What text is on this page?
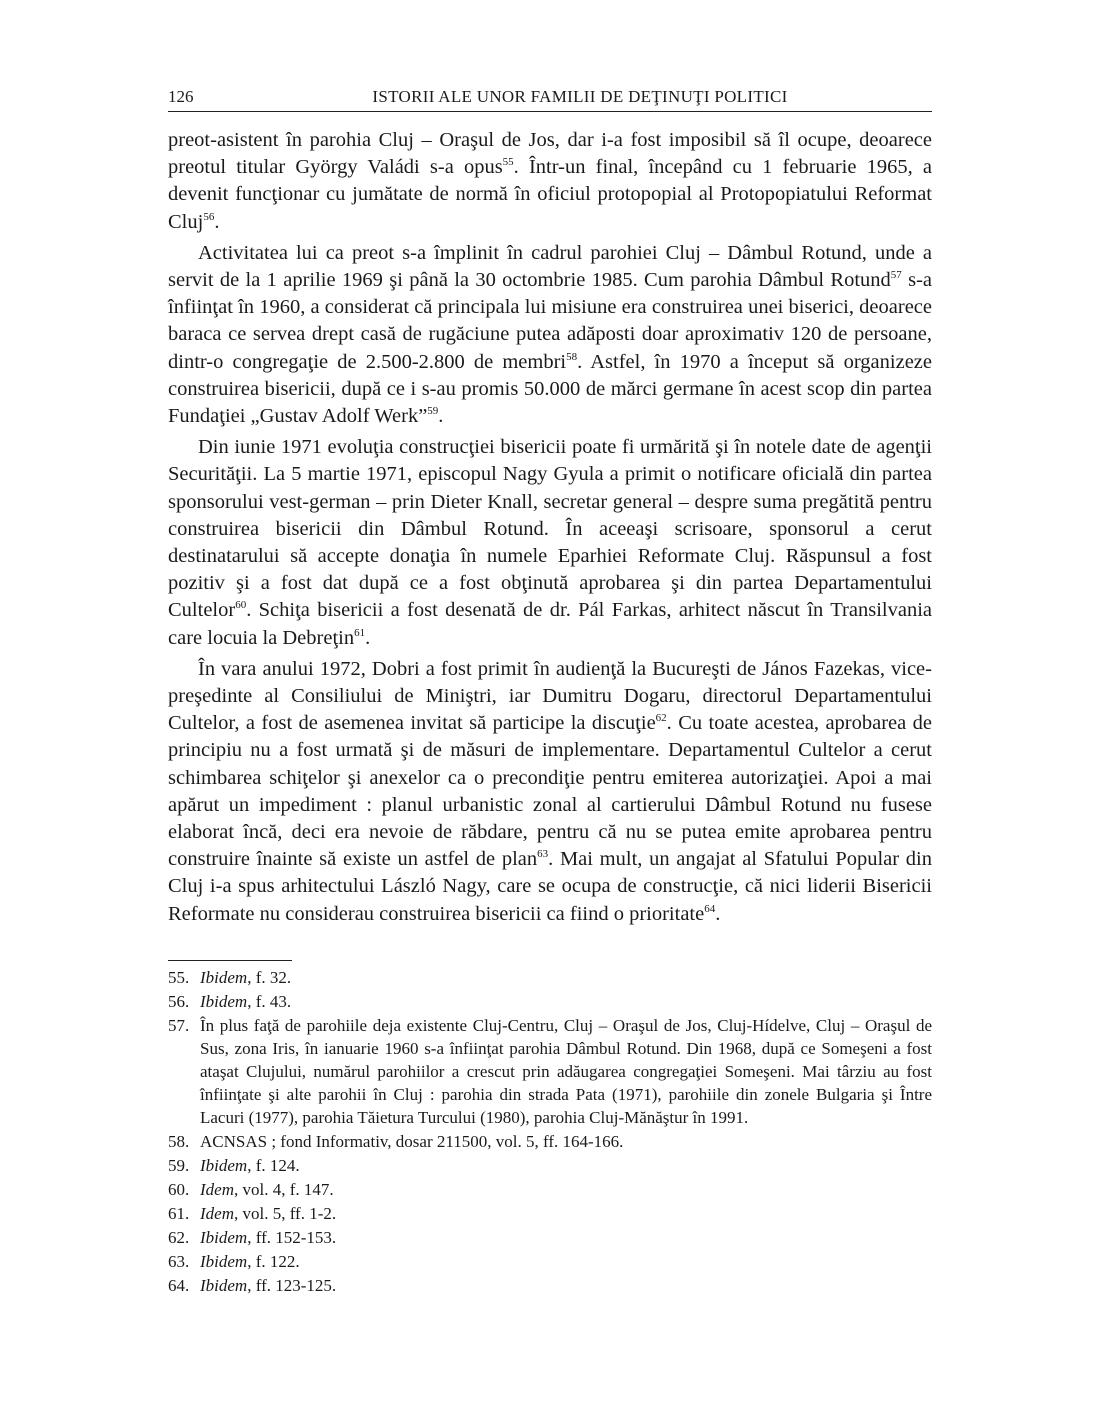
126	ISTORII ALE UNOR FAMILII DE DEŢINUŢI POLITICI

preot-asistent în parohia Cluj – Oraşul de Jos, dar i-a fost imposibil să îl ocupe, deoarece preotul titular György Valádi s-a opus$^{55}$. Într-un final, începând cu 1 februarie 1965, a devenit funcţionar cu jumătate de normă în oficiul protopopial al Protopopiatului Reformat Cluj$^{56}$.

Activitatea lui ca preot s-a împlinit în cadrul parohiei Cluj – Dâmbul Rotund, unde a servit de la 1 aprilie 1969 şi până la 30 octombrie 1985. Cum parohia Dâmbul Rotund$^{57}$ s-a înfiinţat în 1960, a considerat că principala lui misiune era construirea unei biserici, deoarece baraca ce servea drept casă de rugăciune putea adăposti doar aproximativ 120 de persoane, dintr-o congregaţie de 2.500-2.800 de membri$^{58}$. Astfel, în 1970 a început să organizeze construirea bisericii, după ce i s-au promis 50.000 de mărci germane în acest scop din partea Fundaţiei „Gustav Adolf Werk”$^{59}$.

Din iunie 1971 evoluţia construcţiei bisericii poate fi urmărită şi în notele date de agenţii Securităţii. La 5 martie 1971, episcopul Nagy Gyula a primit o notificare oficială din partea sponsorului vest-german – prin Dieter Knall, secretar general – despre suma pregătită pentru construirea bisericii din Dâmbul Rotund. În aceeaşi scrisoare, sponsorul a cerut destinatarului să accepte donaţia în numele Eparhiei Reformate Cluj. Răspunsul a fost pozitiv şi a fost dat după ce a fost obţinută aprobarea şi din partea Departamentului Cultelor$^{60}$. Schiţa bisericii a fost desenată de dr. Pál Farkas, arhitect născut în Transilvania care locuia la Debreţin$^{61}$.

În vara anului 1972, Dobri a fost primit în audienţă la Bucureşti de János Fazekas, vice-preşedinte al Consiliului de Miniştri, iar Dumitru Dogaru, directorul Departamentului Cultelor, a fost de asemenea invitat să participe la discuţie$^{62}$. Cu toate acestea, aprobarea de principiu nu a fost urmată şi de măsuri de implementare. Departamentul Cultelor a cerut schimbarea schiţelor şi anexelor ca o precondiţie pentru emiterea autorizaţiei. Apoi a mai apărut un impediment : planul urbanistic zonal al cartierului Dâmbul Rotund nu fusese elaborat încă, deci era nevoie de răbdare, pentru că nu se putea emite aprobarea pentru construire înainte să existe un astfel de plan$^{63}$. Mai mult, un angajat al Sfatului Popular din Cluj i-a spus arhitectului László Nagy, care se ocupa de construcţie, că nici liderii Bisericii Reformate nu considerau construirea bisericii ca fiind o prioritate$^{64}$.

55. Ibidem, f. 32.
56. Ibidem, f. 43.
57. În plus faţă de parohiile deja existente Cluj-Centru, Cluj – Oraşul de Jos, Cluj-Hídelve, Cluj – Oraşul de Sus, zona Iris, în ianuarie 1960 s-a înfiinţat parohia Dâmbul Rotund. Din 1968, după ce Someşeni a fost ataşat Clujului, numărul parohiilor a crescut prin adăugarea congregaţiei Someşeni. Mai târziu au fost înfiinţate şi alte parohii în Cluj : parohia din strada Pata (1971), parohiile din zonele Bulgaria şi Între Lacuri (1977), parohia Tăietura Turcului (1980), parohia Cluj-Mănăştur în 1991.
58. ACNSAS ; fond Informativ, dosar 211500, vol. 5, ff. 164-166.
59. Ibidem, f. 124.
60. Idem, vol. 4, f. 147.
61. Idem, vol. 5, ff. 1-2.
62. Ibidem, ff. 152-153.
63. Ibidem, f. 122.
64. Ibidem, ff. 123-125.
